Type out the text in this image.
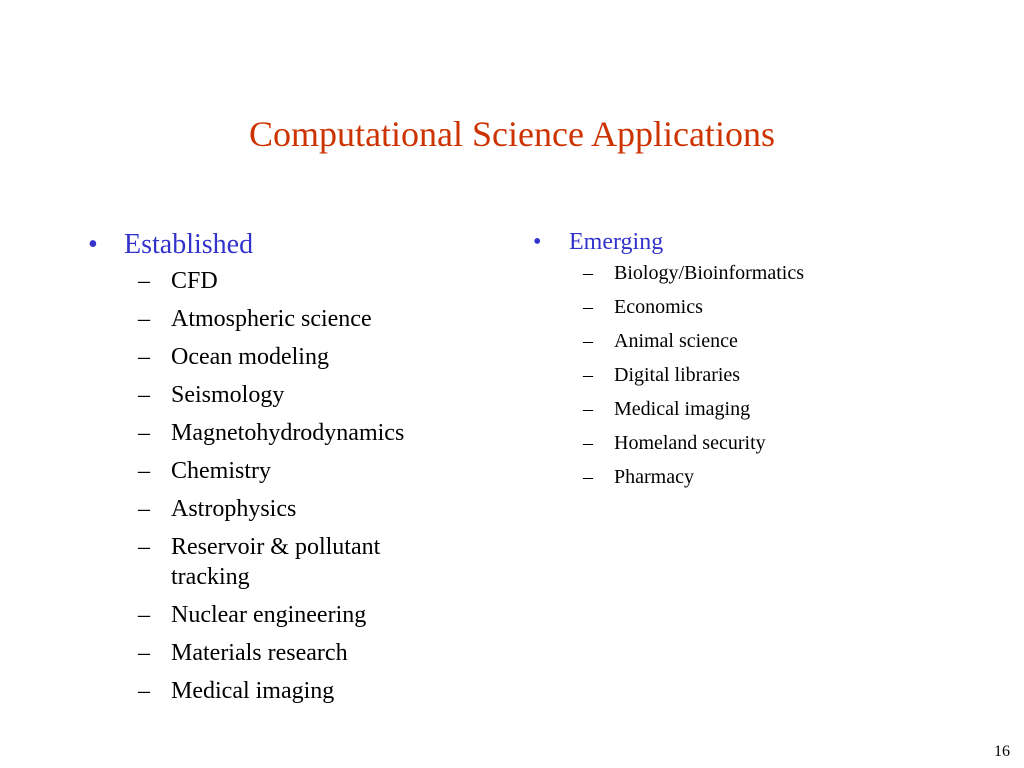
Computational Science Applications
• Established
– CFD
– Atmospheric science
– Ocean modeling
– Seismology
– Magnetohydrodynamics
– Chemistry
– Astrophysics
– Reservoir & pollutant tracking
– Nuclear engineering
– Materials research
– Medical imaging
• Emerging
– Biology/Bioinformatics
– Economics
– Animal science
– Digital libraries
– Medical imaging
– Homeland security
– Pharmacy
16
